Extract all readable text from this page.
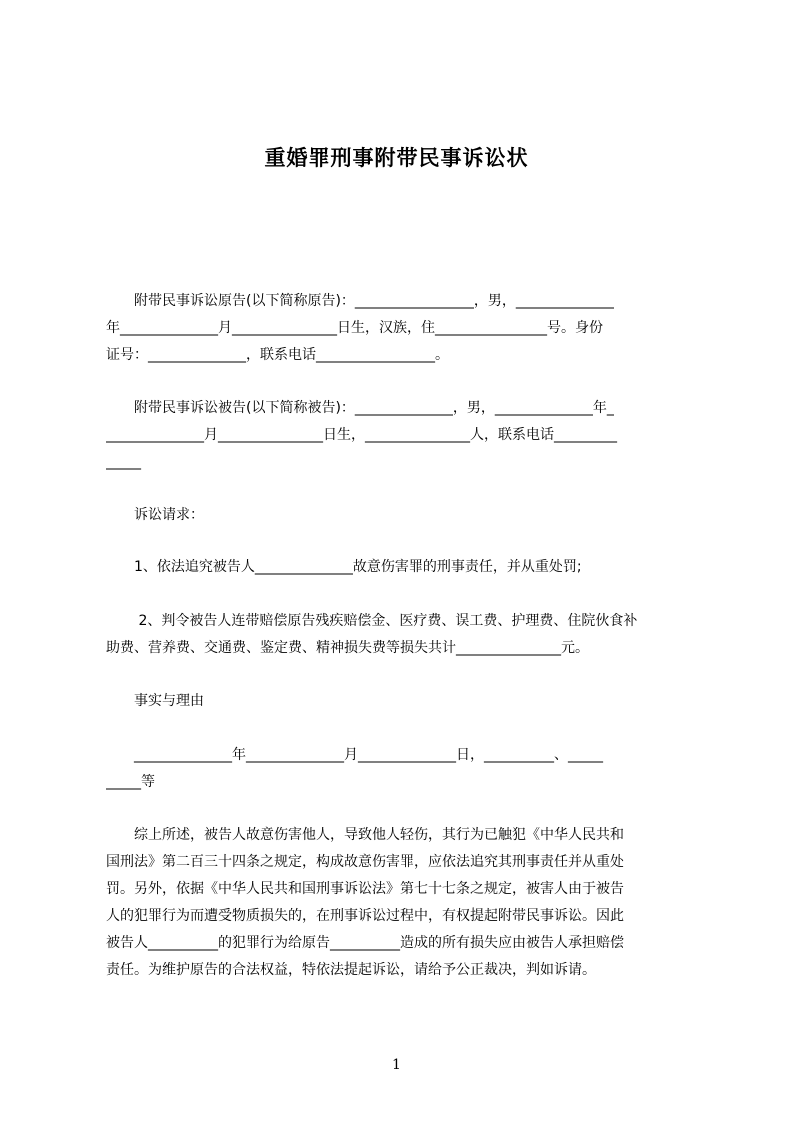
重婚罪刑事附带民事诉讼状
　　附带民事诉讼原告(以下简称原告)：_________________，男，______________
年______________月_______________日生，汉族，住________________号。身份
证号：______________，联系电话_________________。
　　附带民事诉讼被告(以下简称被告)：______________，男，______________年_
______________月_______________日生，_______________人，联系电话_________
_____
　　诉讼请求：
　　1、依法追究被告人______________故意伤害罪的刑事责任，并从重处罚;
　　 2、判令被告人连带赔偿原告残疾赔偿金、医疗费、误工费、护理费、住院伙食补
助费、营养费、交通费、鉴定费、精神损失费等损失共计_______________元。
　　事实与理由
　　______________年______________月______________日，__________、_____
_____等
　　综上所述，被告人故意伤害他人，导致他人轻伤，其行为已触犯《中华人民共和
国刑法》第二百三十四条之规定，构成故意伤害罪，应依法追究其刑事责任并从重处
罚。另外，依据《中华人民共和国刑事诉讼法》第七十七条之规定，被害人由于被告
人的犯罪行为而遭受物质损失的，在刑事诉讼过程中，有权提起附带民事诉讼。因此
被告人__________的犯罪行为给原告__________造成的所有损失应由被告人承担赔偿
责任。为维护原告的合法权益，特依法提起诉讼，请给予公正裁决，判如诉请。
1
